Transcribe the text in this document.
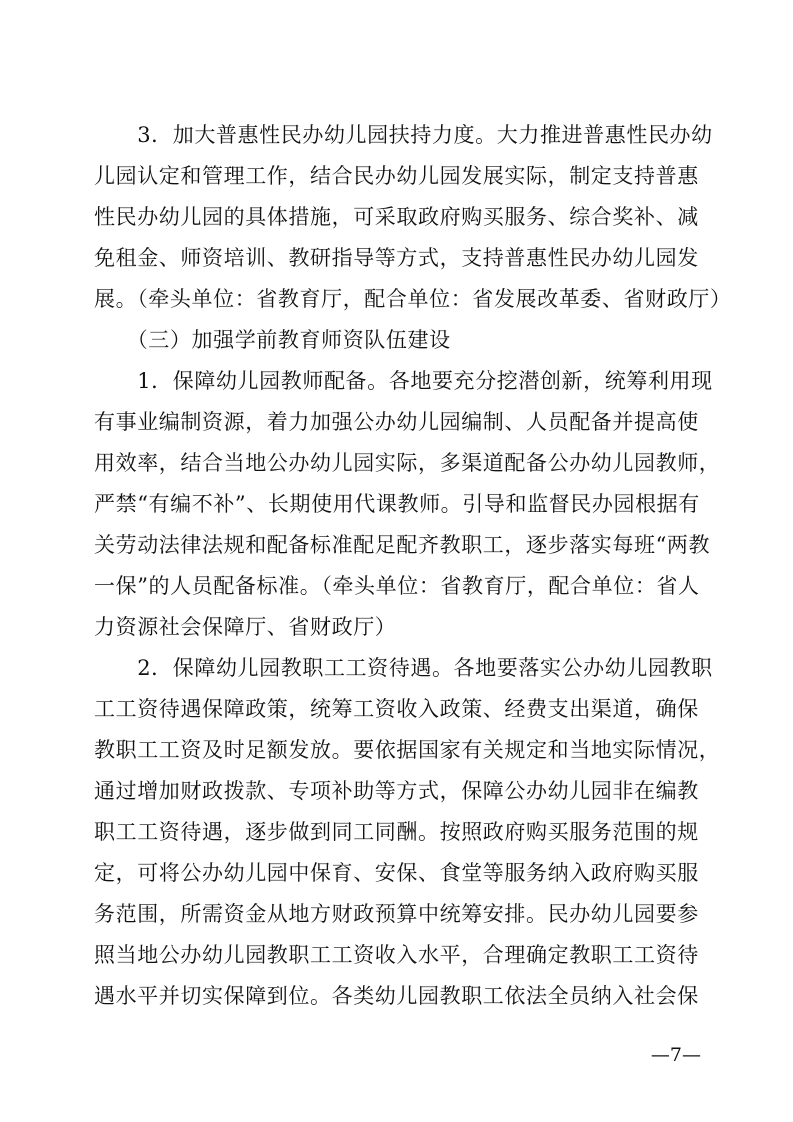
　　3．加大普惠性民办幼儿园扶持力度。大力推进普惠性民办幼
儿园认定和管理工作，结合民办幼儿园发展实际，制定支持普惠
性民办幼儿园的具体措施，可采取政府购买服务、综合奖补、减
免租金、师资培训、教研指导等方式，支持普惠性民办幼儿园发
展。（牵头单位：省教育厅，配合单位：省发展改革委、省财政厅）
　　（三）加强学前教育师资队伍建设
　　1．保障幼儿园教师配备。各地要充分挖潜创新，统筹利用现
有事业编制资源，着力加强公办幼儿园编制、人员配备并提高使
用效率，结合当地公办幼儿园实际，多渠道配备公办幼儿园教师，
严禁“有编不补”、长期使用代课教师。引导和监督民办园根据有
关劳动法律法规和配备标准配足配齐教职工，逐步落实每班“两教
一保”的人员配备标准。（牵头单位：省教育厅，配合单位：省人
力资源社会保障厅、省财政厅）
　　2．保障幼儿园教职工工资待遇。各地要落实公办幼儿园教职
工工资待遇保障政策，统筹工资收入政策、经费支出渠道，确保
教职工工资及时足额发放。要依据国家有关规定和当地实际情况，
通过增加财政拨款、专项补助等方式，保障公办幼儿园非在编教
职工工资待遇，逐步做到同工同酬。按照政府购买服务范围的规
定，可将公办幼儿园中保育、安保、食堂等服务纳入政府购买服
务范围，所需资金从地方财政预算中统筹安排。民办幼儿园要参
照当地公办幼儿园教职工工资收入水平，合理确定教职工工资待
遇水平并切实保障到位。各类幼儿园教职工依法全员纳入社会保
—7—
